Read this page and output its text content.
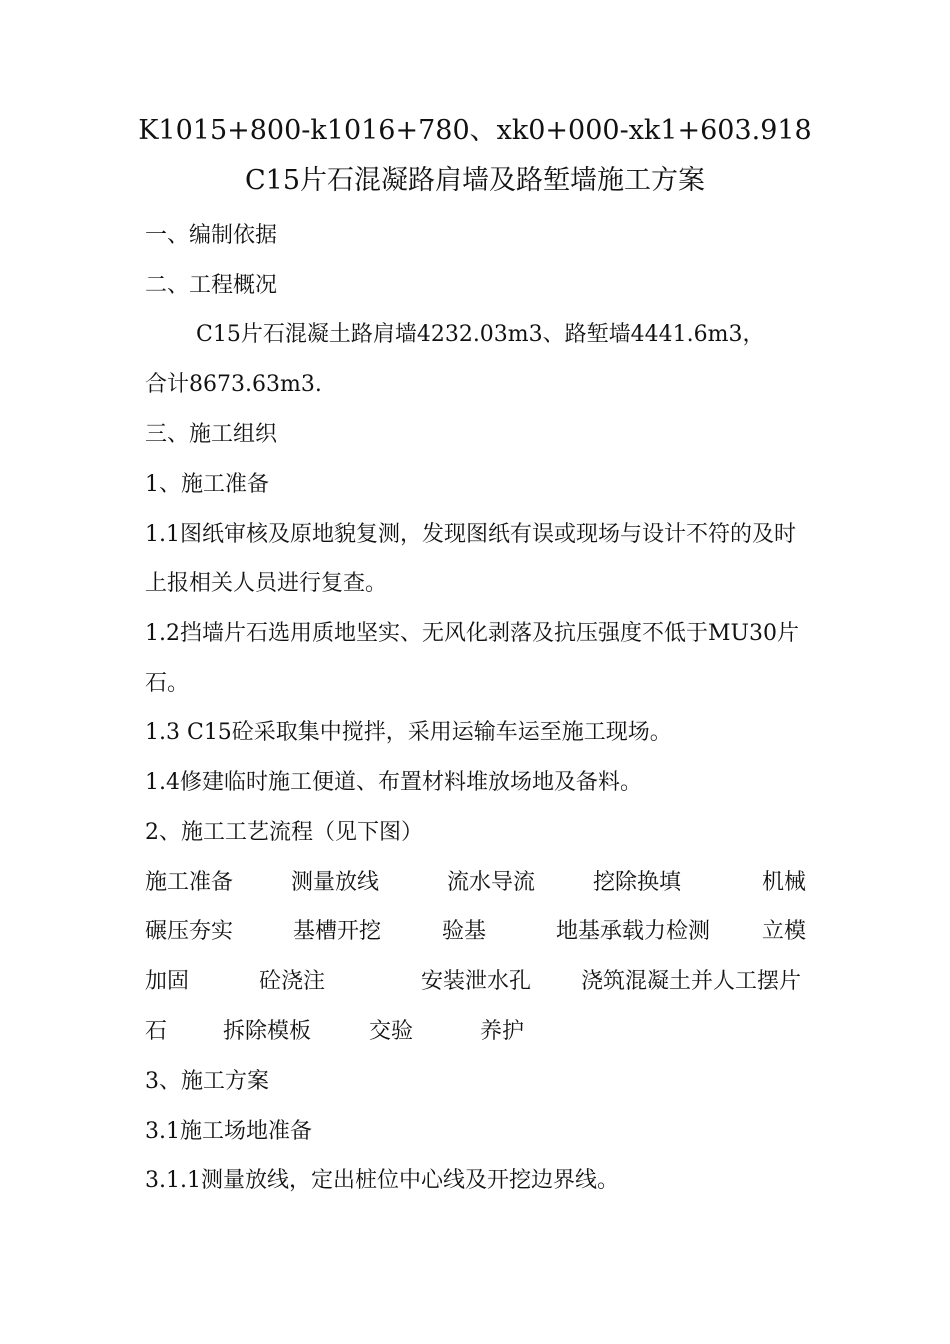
K1015+800-k1016+780、xk0+000-xk1+603.918
C15片石混凝路肩墙及路堑墙施工方案
一、编制依据
二、工程概况
C15片石混凝土路肩墙4232.03m3、路堑墙4441.6m3，
合计8673.63m3.
三、施工组织
1、施工准备
1.1图纸审核及原地貌复测，发现图纸有误或现场与设计不符的及时
上报相关人员进行复查。
1.2挡墙片石选用质地坚实、无风化剥落及抗压强度不低于MU30片
石。
1.3 C15砼采取集中搅拌，采用运输车运至施工现场。
1.4修建临时施工便道、布置材料堆放场地及备料。
2、施工工艺流程（见下图）
施工准备	测量放线	流水导流	挖除换填	机械
碾压夯实	基槽开挖	验基	地基承载力检测 立模
加固	砼浇注	安装泄水孔 浇筑混凝土并人工摆片
石	拆除模板	交验	养护
3、施工方案
3.1施工场地准备
3.1.1测量放线，定出桩位中心线及开挖边界线。
